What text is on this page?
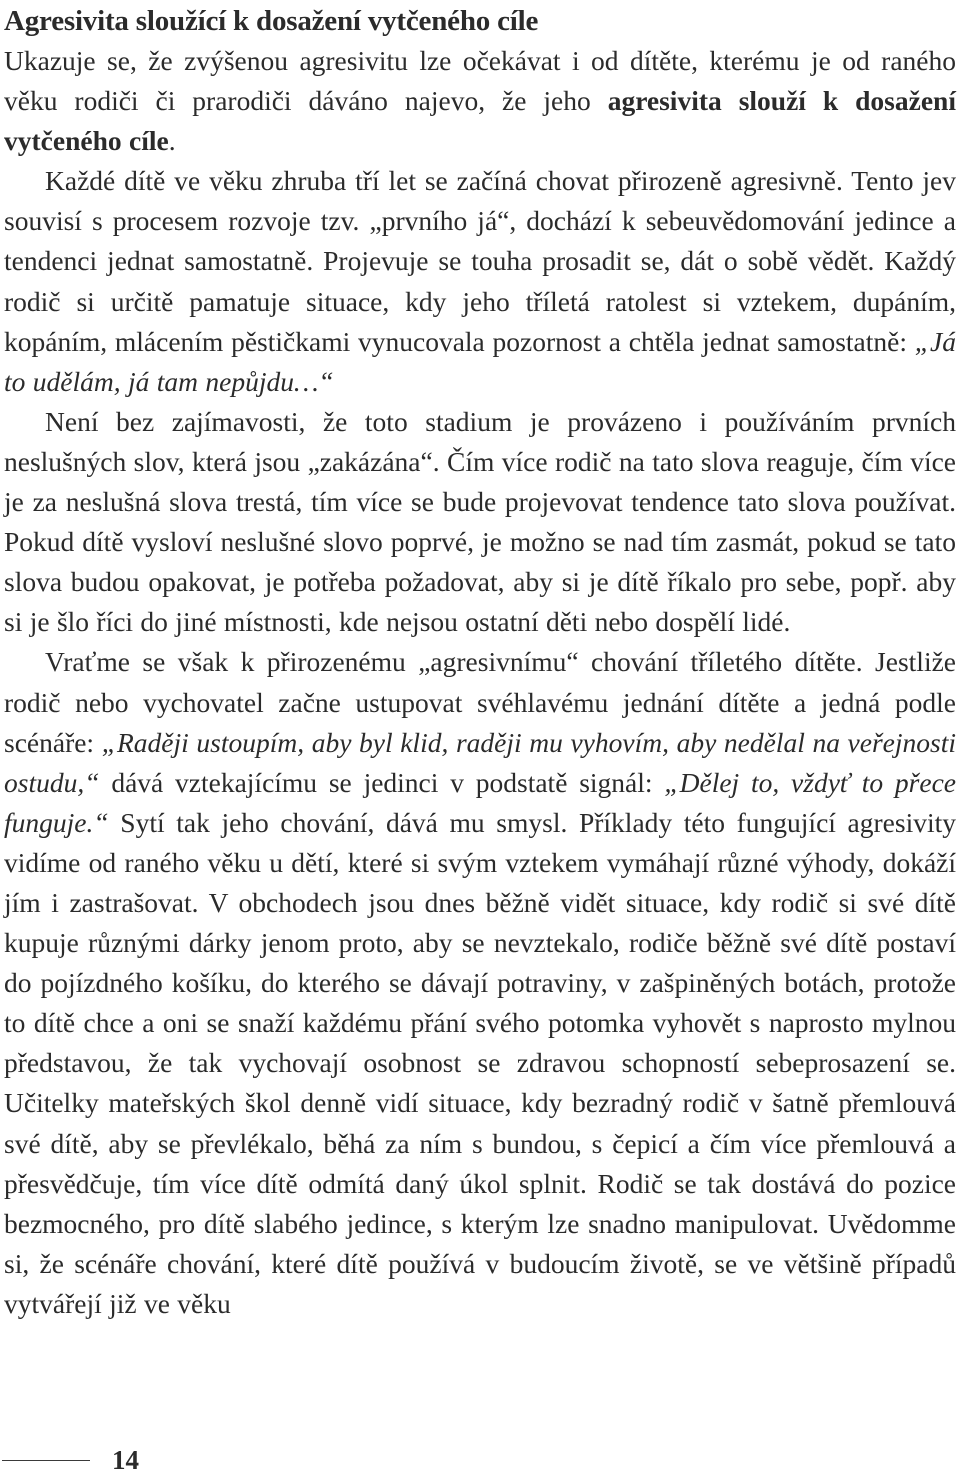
Agresivita sloužící k dosažení vytčeného cíle

Ukazuje se, že zvýšenou agresivitu lze očekávat i od dítěte, kterému je od raného věku rodiči či prarodiči dáváno najevo, že jeho agresivita slouží k dosažení vytčeného cíle.

Každé dítě ve věku zhruba tří let se začíná chovat přirozeně agresivně. Tento jev souvisí s procesem rozvoje tzv. „prvního já“, dochází k sebeuvědomování jedince a tendenci jednat samostatně. Projevuje se touha prosadit se, dát o sobě vědět. Každý rodič si určitě pamatuje situace, kdy jeho tříletá ratolest si vztekem, dupáním, kopáním, mlácením pěstičkami vynucovala pozornost a chtěla jednat samostatně: „Já to udělám, já tam nepůjdu…“

Není bez zajímavosti, že toto stadium je provázeno i používáním prvních neslušných slov, která jsou „zakázána“. Čím více rodič na tato slova reaguje, čím více je za neslušná slova trestá, tím více se bude projevovat tendence tato slova používat. Pokud dítě vysloví neslušné slovo poprvé, je možno se nad tím zasmát, pokud se tato slova budou opakovat, je potřeba požadovat, aby si je dítě říkalo pro sebe, popř. aby si je šlo říci do jiné místnosti, kde nejsou ostatní děti nebo dospělí lidé.

Vraťme se však k přirozenému „agresivnímu“ chování tříletého dítěte. Jestliže rodič nebo vychovatel začne ustupovat svéhlavému jednání dítěte a jedná podle scénáře: „Raději ustoupím, aby byl klid, raději mu vyhovím, aby nedělal na veřejnosti ostudu,“ dává vztekajícímu se jedinci v podstatě signál: „Dělej to, vždyť to přece funguje.“ Sytí tak jeho chování, dává mu smysl. Příklady této fungující agresivity vidíme od raného věku u dětí, které si svým vztekem vymáhají různé výhody, dokáží jím i zastrašovat. V obchodech jsou dnes běžně vidět situace, kdy rodič si své dítě kupuje různými dárky jenom proto, aby se nevztekalo, rodiče běžně své dítě postaví do pojízdného košíku, do kterého se dávají potraviny, v zašpiněných botách, protože to dítě chce a oni se snaží každému přání svého potomka vyhovět s naprosto mylnou představou, že tak vychovají osobnost se zdravou schopností sebeprosazení se. Učitelky mateřských škol denně vidí situace, kdy bezradný rodič v šatně přemlouvá své dítě, aby se převlékalo, běhá za ním s bundou, s čepicí a čím více přemlouvá a přesvědčuje, tím více dítě odmítá daný úkol splnit. Rodič se tak dostává do pozice bezmocného, pro dítě slabého jedince, s kterým lze snadno manipulovat. Uvědomme si, že scénáře chování, které dítě používá v budoucím životě, se ve většině případů vytvářejí již ve věku

14
